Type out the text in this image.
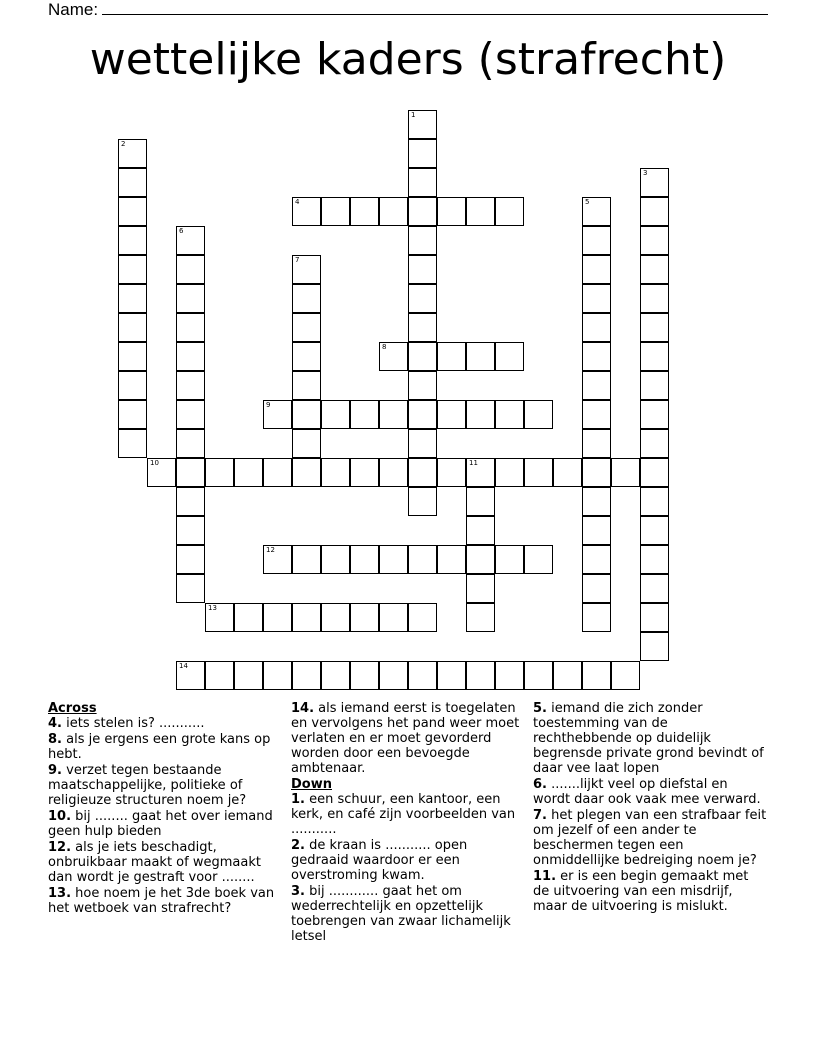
Name:
wettelijke kaders (strafrecht)
1
2
3
4	5
6
7
8
9
10	11
12
13
14
Across
4. iets stelen is? ...........
8. als je ergens een grote kans op hebt.
9. verzet tegen bestaande maatschappelijke, politieke of religieuze structuren noem je?
10. bij ........ gaat het over iemand geen hulp bieden
12. als je iets beschadigt, onbruikbaar maakt of wegmaakt dan wordt je gestraft voor ........
13. hoe noem je het 3de boek van het wetboek van strafrecht?
14. als iemand eerst is toegelaten en vervolgens het pand weer moet verlaten en er moet gevorderd worden door een bevoegde ambtenaar.
Down
1. een schuur, een kantoor, een kerk, en café zijn voorbeelden van ...........
2. de kraan is ........... open gedraaid waardoor er een overstroming kwam.
3. bij ............ gaat het om wederrechtelijk en opzettelijk toebrengen van zwaar lichamelijk letsel
5. iemand die zich zonder toestemming van de rechthebbende op duidelijk begrensde private grond bevindt of daar vee laat lopen
6. .......lijkt veel op diefstal en wordt daar ook vaak mee verward.
7. het plegen van een strafbaar feit om jezelf of een ander te beschermen tegen een onmiddellijke bedreiging noem je?
11. er is een begin gemaakt met de uitvoering van een misdrijf, maar de uitvoering is mislukt.
